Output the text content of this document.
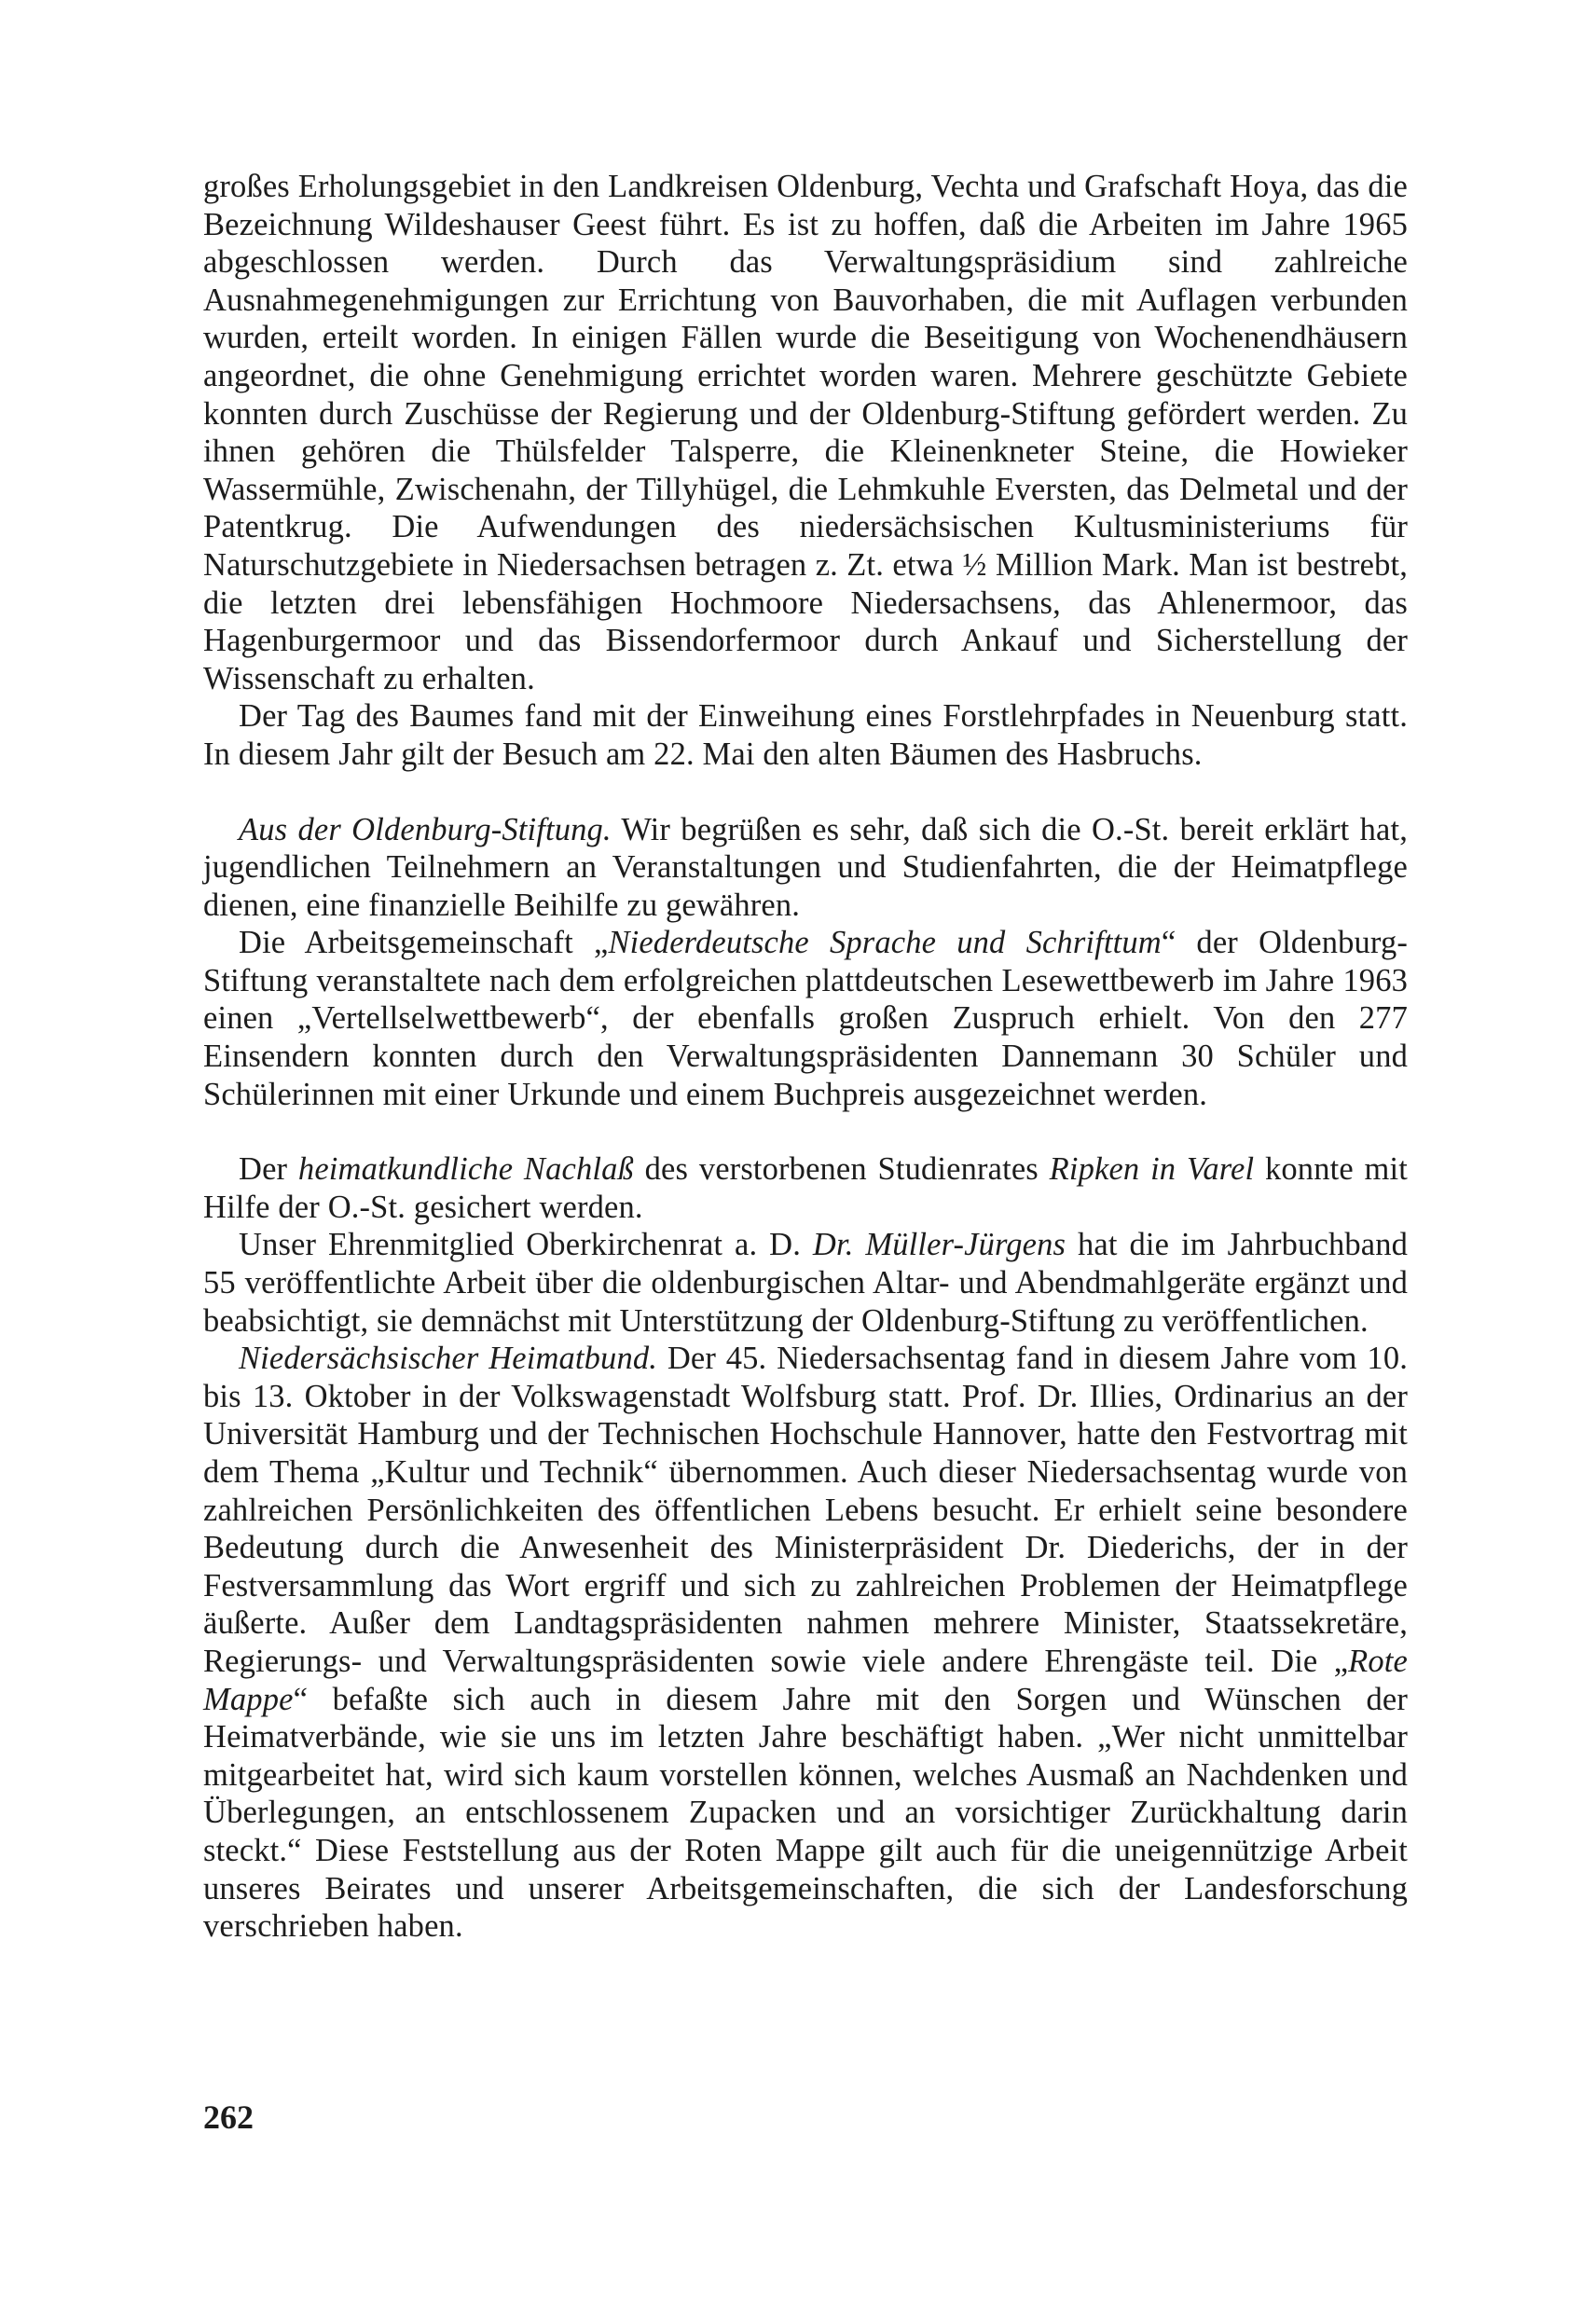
großes Erholungsgebiet in den Landkreisen Oldenburg, Vechta und Grafschaft Hoya, das die Bezeichnung Wildeshauser Geest führt. Es ist zu hoffen, daß die Arbeiten im Jahre 1965 abgeschlossen werden. Durch das Verwaltungspräsidium sind zahlreiche Ausnahmegenehmigungen zur Errichtung von Bauvorhaben, die mit Auflagen verbunden wurden, erteilt worden. In einigen Fällen wurde die Beseitigung von Wochenendhäusern angeordnet, die ohne Genehmigung errichtet worden waren. Mehrere geschützte Gebiete konnten durch Zuschüsse der Regierung und der Oldenburg-Stiftung gefördert werden. Zu ihnen gehören die Thülsfelder Talsperre, die Kleinenkneter Steine, die Howieker Wassermühle, Zwischenahn, der Tillyhügel, die Lehmkuhle Eversten, das Delmetal und der Patentkrug. Die Aufwendungen des niedersächsischen Kultusministeriums für Naturschutzgebiete in Niedersachsen betragen z. Zt. etwa ½ Million Mark. Man ist bestrebt, die letzten drei lebensfähigen Hochmoore Niedersachsens, das Ahlenermoor, das Hagenburgermoor und das Bissendorfermoor durch Ankauf und Sicherstellung der Wissenschaft zu erhalten.

Der Tag des Baumes fand mit der Einweihung eines Forstlehrpfades in Neuenburg statt. In diesem Jahr gilt der Besuch am 22. Mai den alten Bäumen des Hasbruchs.

Aus der Oldenburg-Stiftung. Wir begrüßen es sehr, daß sich die O.-St. bereit erklärt hat, jugendlichen Teilnehmern an Veranstaltungen und Studienfahrten, die der Heimatpflege dienen, eine finanzielle Beihilfe zu gewähren.

Die Arbeitsgemeinschaft „Niederdeutsche Sprache und Schrifttum“ der Oldenburg-Stiftung veranstaltete nach dem erfolgreichen plattdeutschen Lesewettbewerb im Jahre 1963 einen „Vertellselwettbewerb“, der ebenfalls großen Zuspruch erhielt. Von den 277 Einsendern konnten durch den Verwaltungspräsidenten Dannemann 30 Schüler und Schülerinnen mit einer Urkunde und einem Buchpreis ausgezeichnet werden.

Der heimatkundliche Nachlaß des verstorbenen Studienrates Ripken in Varel konnte mit Hilfe der O.-St. gesichert werden.

Unser Ehrenmitglied Oberkirchenrat a. D. Dr. Müller-Jürgens hat die im Jahrbuchband 55 veröffentlichte Arbeit über die oldenburgischen Altar- und Abendmahlgeräte ergänzt und beabsichtigt, sie demnächst mit Unterstützung der Oldenburg-Stiftung zu veröffentlichen.

Niedersächsischer Heimatbund. Der 45. Niedersachsentag fand in diesem Jahre vom 10. bis 13. Oktober in der Volkswagenstadt Wolfsburg statt. Prof. Dr. Illies, Ordinarius an der Universität Hamburg und der Technischen Hochschule Hannover, hatte den Festvortrag mit dem Thema „Kultur und Technik“ übernommen. Auch dieser Niedersachsentag wurde von zahlreichen Persönlichkeiten des öffentlichen Lebens besucht. Er erhielt seine besondere Bedeutung durch die Anwesenheit des Ministerpräsident Dr. Diederichs, der in der Festversammlung das Wort ergriff und sich zu zahlreichen Problemen der Heimatpflege äußerte. Außer dem Landtagspräsidenten nahmen mehrere Minister, Staatssekretäre, Regierungs- und Verwaltungspräsidenten sowie viele andere Ehrengäste teil. Die „Rote Mappe“ befaßte sich auch in diesem Jahre mit den Sorgen und Wünschen der Heimatverbände, wie sie uns im letzten Jahre beschäftigt haben. „Wer nicht unmittelbar mitgearbeitet hat, wird sich kaum vorstellen können, welches Ausmaß an Nachdenken und Überlegungen, an entschlossenem Zupacken und an vorsichtiger Zurückhaltung darin steckt.“ Diese Feststellung aus der Roten Mappe gilt auch für die uneigennützige Arbeit unseres Beirates und unserer Arbeitsgemeinschaften, die sich der Landesforschung verschrieben haben.

262
